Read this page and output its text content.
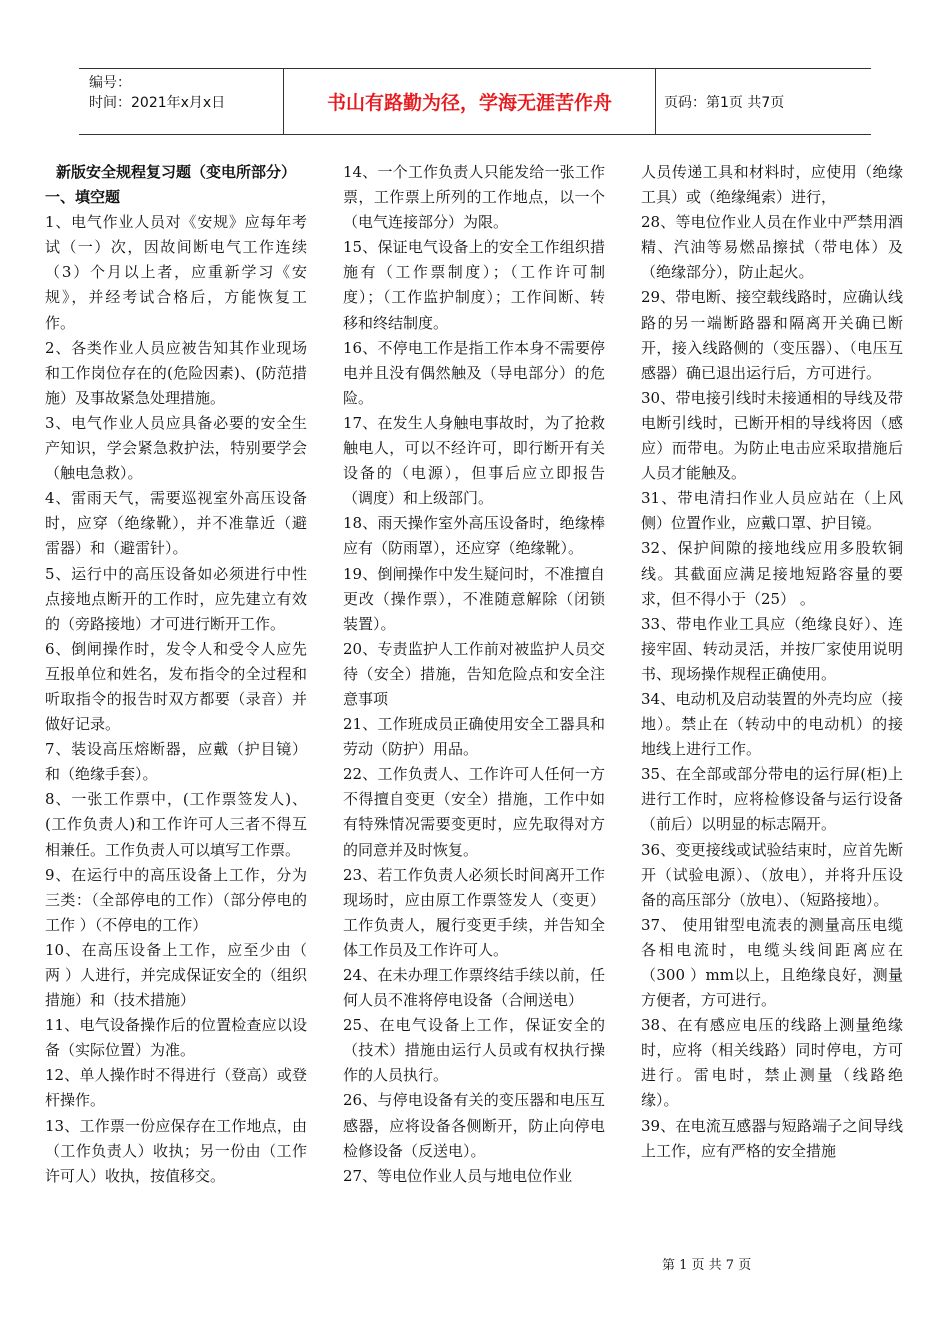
编号：
时间：2021年x月x日	书山有路勤为径，学海无涯苦作舟	页码：第1页 共7页

新版安全规程复习题（变电所部分）

一、填空题

1、电气作业人员对《安规》应每年考试（一）次，因故间断电气工作连续（3）个月以上者，应重新学习《安规》，并经考试合格后，方能恢复工作。

2、各类作业人员应被告知其作业现场和工作岗位存在的(危险因素)、(防范措施）及事故紧急处理措施。

3、电气作业人员应具备必要的安全生产知识，学会紧急救护法，特别要学会（触电急救）。

4、雷雨天气，需要巡视室外高压设备时，应穿（绝缘靴），并不准靠近（避雷器）和（避雷针）。

5、运行中的高压设备如必须进行中性点接地点断开的工作时，应先建立有效的（旁路接地）才可进行断开工作。

6、倒闸操作时，发令人和受令人应先互报单位和姓名，发布指令的全过程和听取指令的报告时双方都要（录音）并做好记录。

7、装设高压熔断器，应戴（护目镜）和（绝缘手套）。

8、一张工作票中，(工作票签发人)、(工作负责人)和工作许可人三者不得互相兼任。工作负责人可以填写工作票。

9、在运行中的高压设备上工作，分为三类：（全部停电的工作）（部分停电的工作 ）（不停电的工作）

10、在高压设备上工作，应至少由（ 两 ）人进行，并完成保证安全的（组织措施）和（技术措施）

11、电气设备操作后的位置检查应以设备（实际位置）为准。

12、单人操作时不得进行（登高）或登杆操作。

13、工作票一份应保存在工作地点，由（工作负责人）收执；另一份由（工作许可人）收执，按值移交。

14、一个工作负责人只能发给一张工作票，工作票上所列的工作地点，以一个（电气连接部分）为限。

15、保证电气设备上的安全工作组织措施有（工作票制度）；（工作许可制度）；（工作监护制度）；工作间断、转移和终结制度。

16、不停电工作是指工作本身不需要停电并且没有偶然触及（导电部分）的危险。

17、在发生人身触电事故时，为了抢救触电人，可以不经许可，即行断开有关设备的（电源），但事后应立即报告（调度）和上级部门。

18、雨天操作室外高压设备时，绝缘棒应有（防雨罩），还应穿（绝缘靴）。

19、倒闸操作中发生疑问时，不准擅自更改（操作票），不准随意解除（闭锁装置）。

20、专责监护人工作前对被监护人员交待（安全）措施，告知危险点和安全注意事项

21、工作班成员正确使用安全工器具和劳动（防护）用品。

22、工作负责人、工作许可人任何一方不得擅自变更（安全）措施，工作中如有特殊情况需要变更时，应先取得对方的同意并及时恢复。

23、若工作负责人必须长时间离开工作现场时，应由原工作票签发人（变更）工作负责人，履行变更手续，并告知全体工作员及工作许可人。

24、在未办理工作票终结手续以前，任何人员不准将停电设备（合闸送电）

25、在电气设备上工作，保证安全的（技术）措施由运行人员或有权执行操作的人员执行。

26、与停电设备有关的变压器和电压互感器，应将设备各侧断开，防止向停电检修设备（反送电）。

27、等电位作业人员与地电位作业

人员传递工具和材料时，应使用（绝缘工具）或（绝缘绳索）进行，

28、等电位作业人员在作业中严禁用酒精、汽油等易燃品擦拭（带电体）及（绝缘部分），防止起火。

29、带电断、接空载线路时，应确认线路的另一端断路器和隔离开关确已断开，接入线路侧的（变压器）、（电压互感器）确已退出运行后，方可进行。

30、带电接引线时未接通相的导线及带电断引线时，已断开相的导线将因（感应）而带电。为防止电击应采取措施后人员才能触及。

31、带电清扫作业人员应站在（上风侧）位置作业，应戴口罩、护目镜。

32、保护间隙的接地线应用多股软铜线。其截面应满足接地短路容量的要求，但不得小于（25） 。

33、带电作业工具应（绝缘良好）、连接牢固、转动灵活，并按厂家使用说明书、现场操作规程正确使用。

34、电动机及启动装置的外壳均应（接地）。禁止在（转动中的电动机）的接地线上进行工作。

35、在全部或部分带电的运行屏(柜)上进行工作时，应将检修设备与运行设备（前后）以明显的标志隔开。

36、变更接线或试验结束时，应首先断开（试验电源）、（放电），并将升压设备的高压部分（放电）、（短路接地）。

37、 使用钳型电流表的测量高压电缆各相电流时，电缆头线间距离应在（300 ）mm以上，且绝缘良好，测量方便者，方可进行。

38、在有感应电压的线路上测量绝缘时，应将（相关线路）同时停电，方可进行。雷电时，禁止测量（线路绝缘）。

39、在电流互感器与短路端子之间导线上工作，应有严格的安全措施

第 1 页 共 7 页
